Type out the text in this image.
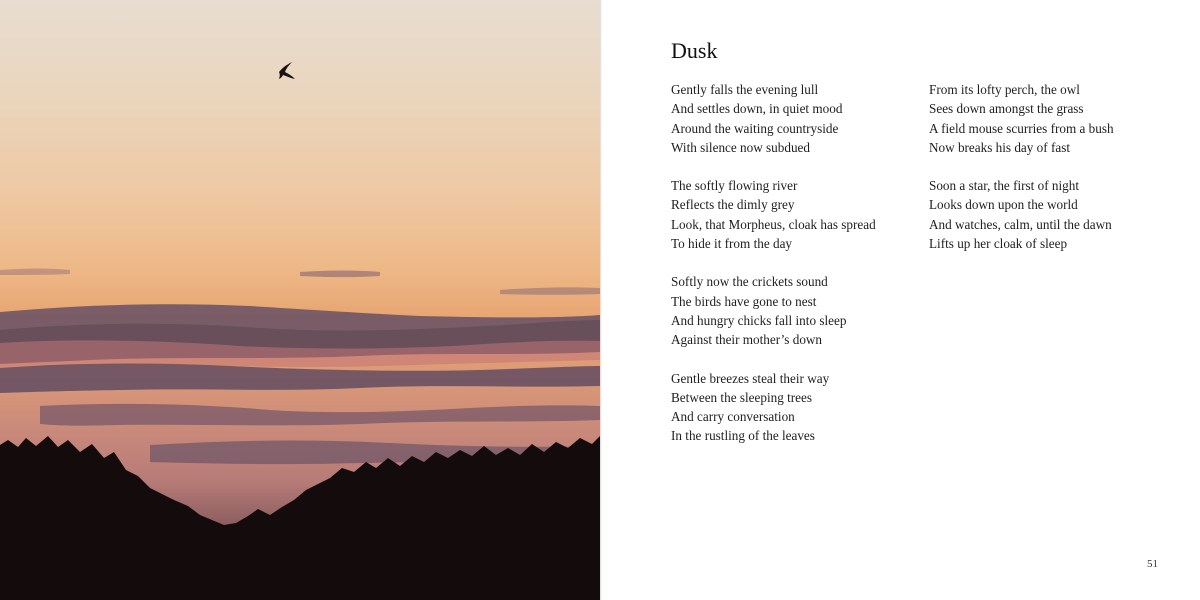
Dusk
Gently falls the evening lull
And settles down, in quiet mood
Around the waiting countryside
With silence now subdued
The softly flowing river
Reflects the dimly grey
Look, that Morpheus, cloak has spread
To hide it from the day
Softly now the crickets sound
The birds have gone to nest
And hungry chicks fall into sleep
Against their mother’s down
Gentle breezes steal their way
Between the sleeping trees
And carry conversation
In the rustling of the leaves
From its lofty perch, the owl
Sees down amongst the grass
A field mouse scurries from a bush
Now breaks his day of fast
Soon a star, the first of night
Looks down upon the world
And watches, calm, until the dawn
Lifts up her cloak of sleep
51
